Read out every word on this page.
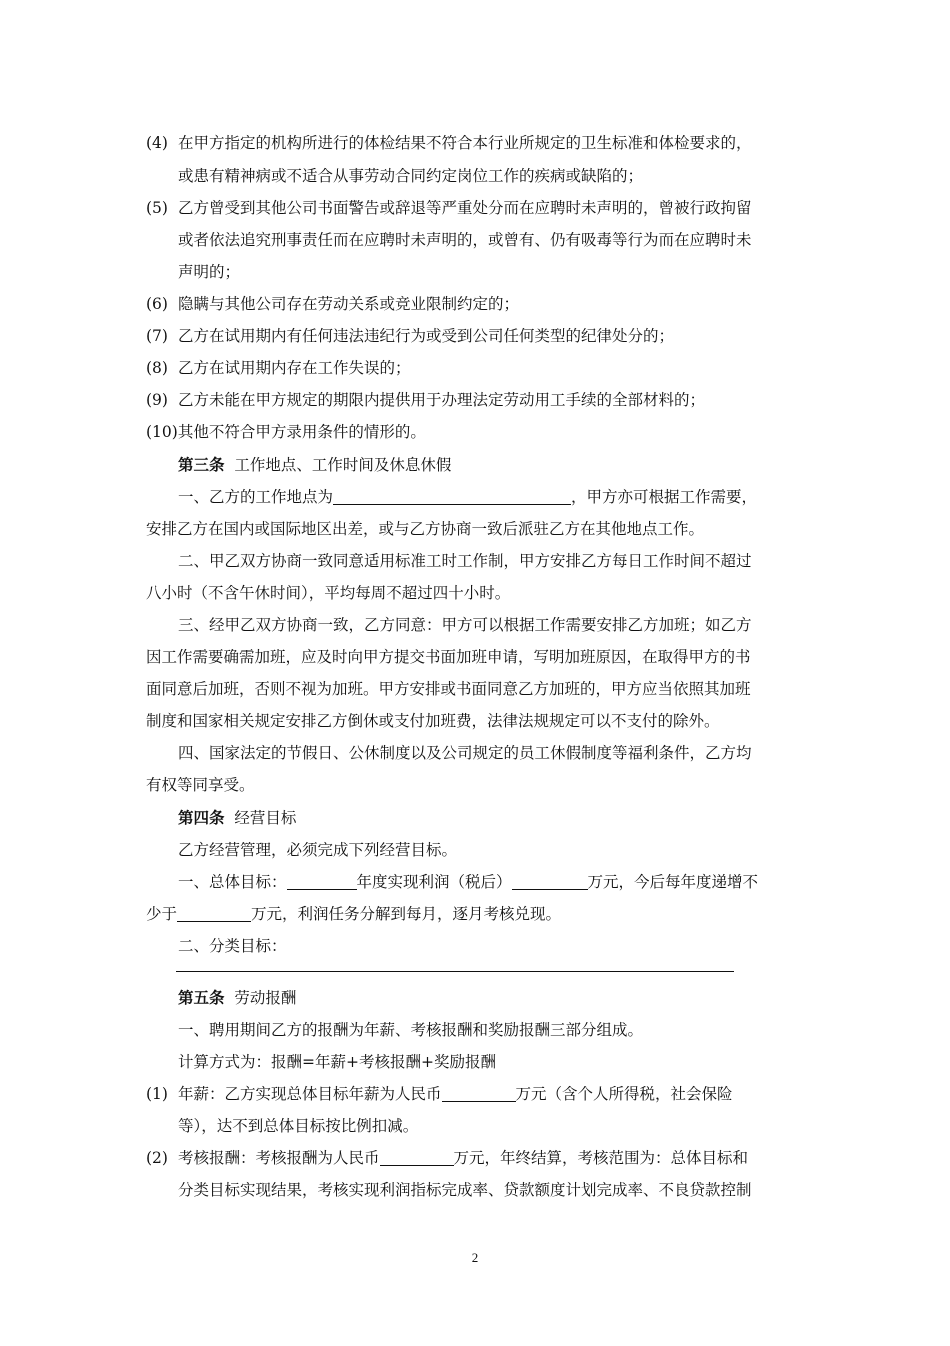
(4) 在甲方指定的机构所进行的体检结果不符合本行业所规定的卫生标准和体检要求的，
或患有精神病或不适合从事劳动合同约定岗位工作的疾病或缺陷的；
(5) 乙方曾受到其他公司书面警告或辞退等严重处分而在应聘时未声明的，曾被行政拘留
或者依法追究刑事责任而在应聘时未声明的，或曾有、仍有吸毒等行为而在应聘时未
声明的；
(6) 隐瞒与其他公司存在劳动关系或竞业限制约定的；
(7) 乙方在试用期内有任何违法违纪行为或受到公司任何类型的纪律处分的；
(8) 乙方在试用期内存在工作失误的；
(9) 乙方未能在甲方规定的期限内提供用于办理法定劳动用工手续的全部材料的；
(10)其他不符合甲方录用条件的情形的。
第三条 工作地点、工作时间及休息休假
一、乙方的工作地点为	，甲方亦可根据工作需要，
安排乙方在国内或国际地区出差，或与乙方协商一致后派驻乙方在其他地点工作。
二、甲乙双方协商一致同意适用标准工时工作制，甲方安排乙方每日工作时间不超过
八小时（不含午休时间），平均每周不超过四十小时。
三、经甲乙双方协商一致，乙方同意：甲方可以根据工作需要安排乙方加班；如乙方
因工作需要确需加班，应及时向甲方提交书面加班申请，写明加班原因，在取得甲方的书
面同意后加班，否则不视为加班。甲方安排或书面同意乙方加班的，甲方应当依照其加班
制度和国家相关规定安排乙方倒休或支付加班费，法律法规规定可以不支付的除外。
四、国家法定的节假日、公休制度以及公司规定的员工休假制度等福利条件，乙方均
有权等同享受。
第四条 经营目标
乙方经营管理，必须完成下列经营目标。
一、总体目标：	年度实现利润（税后）	万元，今后每年度递增不
少于	万元，利润任务分解到每月，逐月考核兑现。
二、分类目标：
第五条 劳动报酬
一、聘用期间乙方的报酬为年薪、考核报酬和奖励报酬三部分组成。
计算方式为：报酬=年薪+考核报酬+奖励报酬
(1) 年薪：乙方实现总体目标年薪为人民币	万元（含个人所得税，社会保险
等），达不到总体目标按比例扣减。
(2) 考核报酬：考核报酬为人民币	万元，年终结算，考核范围为：总体目标和
分类目标实现结果，考核实现利润指标完成率、贷款额度计划完成率、不良贷款控制
2
